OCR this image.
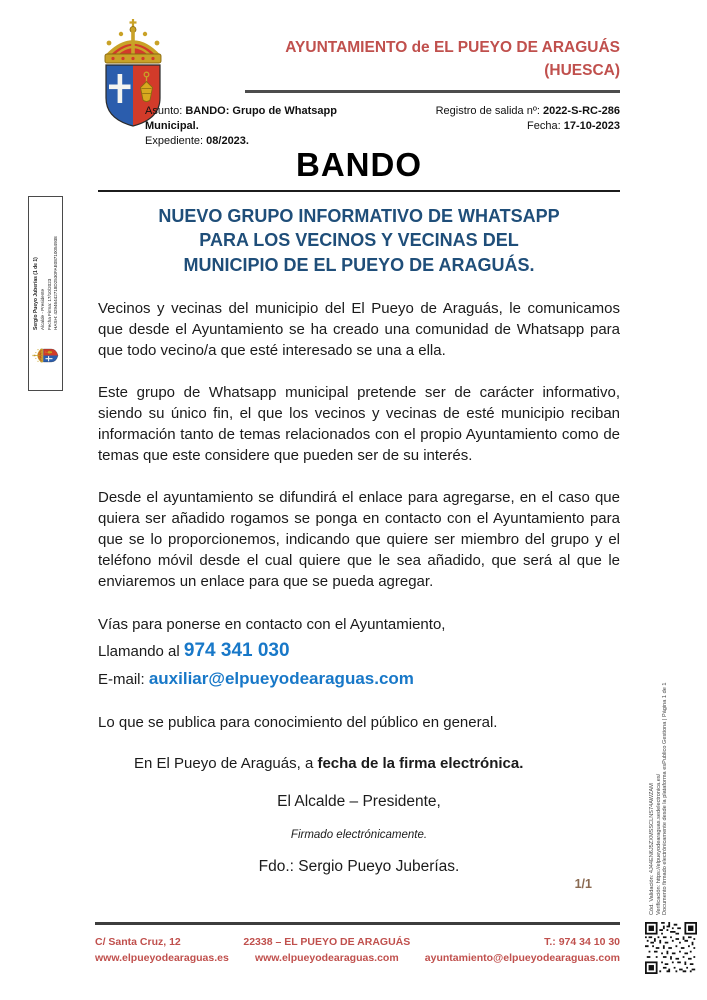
AYUNTAMIENTO de EL PUEYO DE ARAGUÁS
(HUESCA)
Asunto: BANDO: Grupo de Whatsapp Municipal.
Expediente: 08/2023.
Registro de salida nº: 2022-S-RC-286
Fecha: 17-10-2023
BANDO
NUEVO GRUPO INFORMATIVO DE WHATSAPP
PARA LOS VECINOS Y VECINAS DEL
MUNICIPIO DE EL PUEYO DE ARAGUÁS.

Vecinos y vecinas del municipio del El Pueyo de Araguás, le comunicamos que desde el Ayuntamiento se ha creado una comunidad de Whatsapp para que todo vecino/a que esté interesado se una a ella.

Este grupo de Whatsapp municipal pretende ser de carácter informativo, siendo su único fin, el que los vecinos y vecinas de esté municipio reciban información tanto de temas relacionados con el propio Ayuntamiento como de temas que este considere que pueden ser de su interés.

Desde el ayuntamiento se difundirá el enlace para agregarse, en el caso que quiera ser añadido rogamos se ponga en contacto con el Ayuntamiento para que se lo proporcionemos, indicando que quiere ser miembro del grupo y el teléfono móvil desde el cual quiere que le sea añadido, que será al que le enviaremos un enlace para que se pueda agregar.

Vías para ponerse en contacto con el Ayuntamiento,
Llamando al 974 341 030
E-mail: auxiliar@elpueyodearaguas.com
Lo que se publica para conocimiento del público en general.
En El Pueyo de Araguás, a fecha de la firma electrónica.
El Alcalde – Presidente,
Firmado electrónicamente.
Fdo.: Sergio Pueyo Juberías.
1/1
C/ Santa Cruz, 12
www.elpueyodearaguas.es
22338 – EL PUEYO DE ARAGUÁS
www.elpueyodearaguas.com
T.: 974 34 10 30
ayuntamiento@elpueyodearaguas.com
Sergio Pueyo Juberías (1 de 1) Alcalde - Presidente Fecha Firma: 17/10/2023 HASH: 42946442718D2530FAE08710054938
Cód. Validación: 4J44EN6J5ZXMSSCLNS74AWZAM Verificación: https://elpueyodearaguas.sedelectronica.es/ Documento firmado electrónicamente desde la plataforma esPublico Gestiona | Página 1 de 1
